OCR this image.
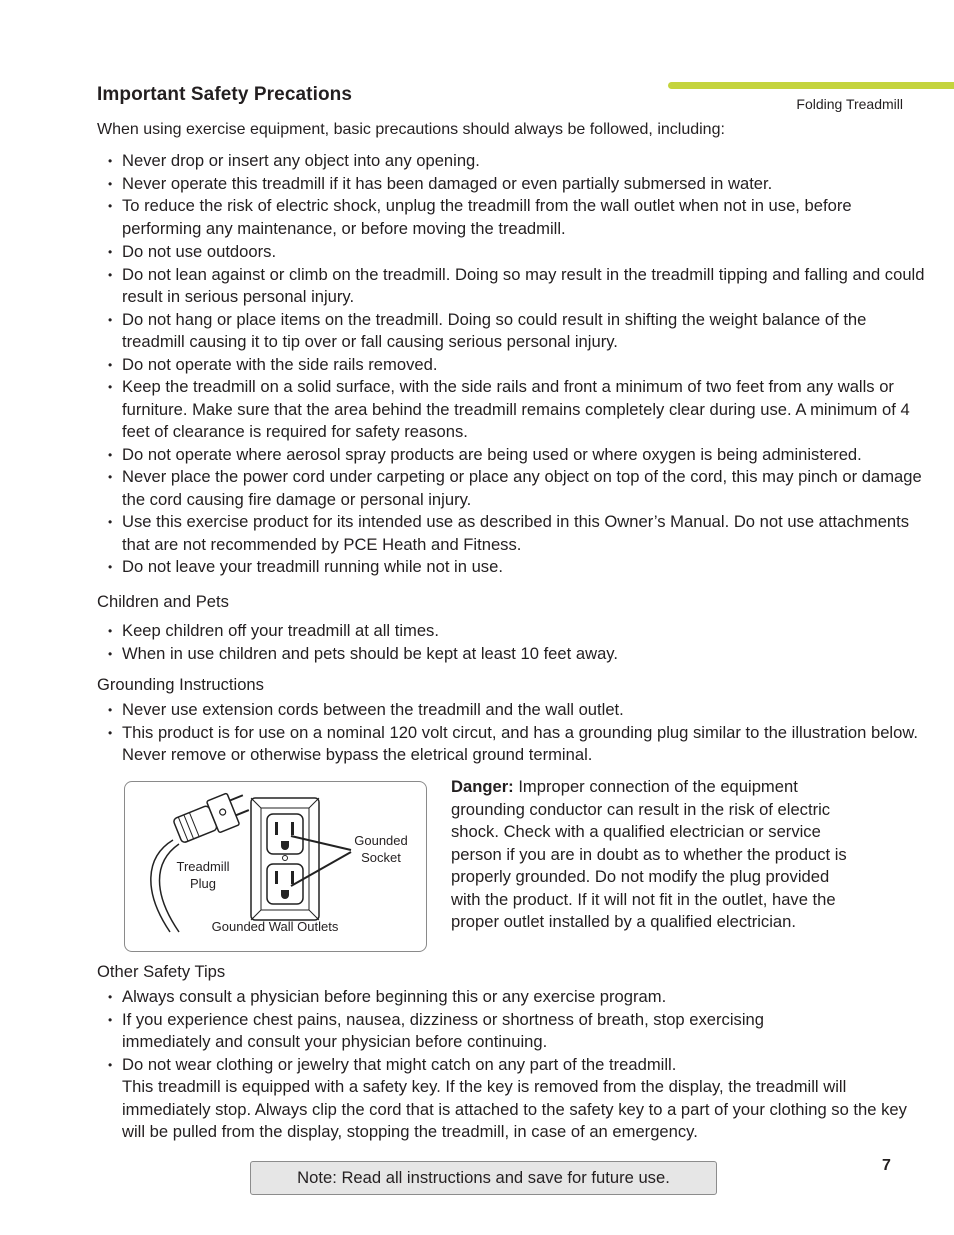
Folding Treadmill
Important Safety Precations

When using exercise equipment, basic precautions should always be followed, including:

• Never drop or insert any object into any opening.
• Never operate this treadmill if it has been damaged or even partially submersed in water.
• To reduce the risk of electric shock, unplug the treadmill from the wall outlet when not in use, before performing any maintenance, or before moving the treadmill.
• Do not use outdoors.
• Do not lean against or climb on the treadmill. Doing so may result in the treadmill tipping and falling and could result in serious personal injury.
• Do not hang or place items on the treadmill. Doing so could result in shifting the weight balance of the treadmill causing it to tip over or fall causing serious personal injury.
• Do not operate with the side rails removed.
• Keep the treadmill on a solid surface, with the side rails and front a minimum of two feet from any walls or furniture. Make sure that the area behind the treadmill remains completely clear during use. A minimum of 4 feet of clearance is required for safety reasons.
• Do not operate where aerosol spray products are being used or where oxygen is being administered.
• Never place the power cord under carpeting or place any object on top of the cord, this may pinch or damage the cord causing fire damage or personal injury.
• Use this exercise product for its intended use as described in this Owner’s Manual. Do not use attachments that are not recommended by PCE Heath and Fitness.
• Do not leave your treadmill running while not in use.
Children and Pets
• Keep children off your treadmill at all times.
• When in use children and pets should be kept at least 10 feet away.
Grounding Instructions
• Never use extension cords between the treadmill and the wall outlet.
• This product is for use on a nominal 120 volt circut, and has a grounding plug similar to the illustration below. Never remove or otherwise bypass the eletrical ground terminal.
Treadmill Plug
Gounded Socket
Gounded Wall Outlets

Danger: Improper connection of the equipment grounding conductor can result in the risk of electric shock. Check with a qualified electrician or service person if you are in doubt as to whether the product is properly grounded. Do not modify the plug provided with the product. If it will not fit in the outlet, have the proper outlet installed by a qualified electrician.

Other Safety Tips
• Always consult a physician before beginning this or any exercise program.
• If you experience chest pains, nausea, dizziness or shortness of breath, stop exercising immediately and consult your physician before continuing.
• Do not wear clothing or jewelry that might catch on any part of the treadmill.

This treadmill is equipped with a safety key. If the key is removed from the display, the treadmill will immediately stop. Always clip the cord that is attached to the safety key to a part of your clothing so the key will be pulled from the display, stopping the treadmill, in case of an emergency.

Note: Read all instructions and save for future use.
7
